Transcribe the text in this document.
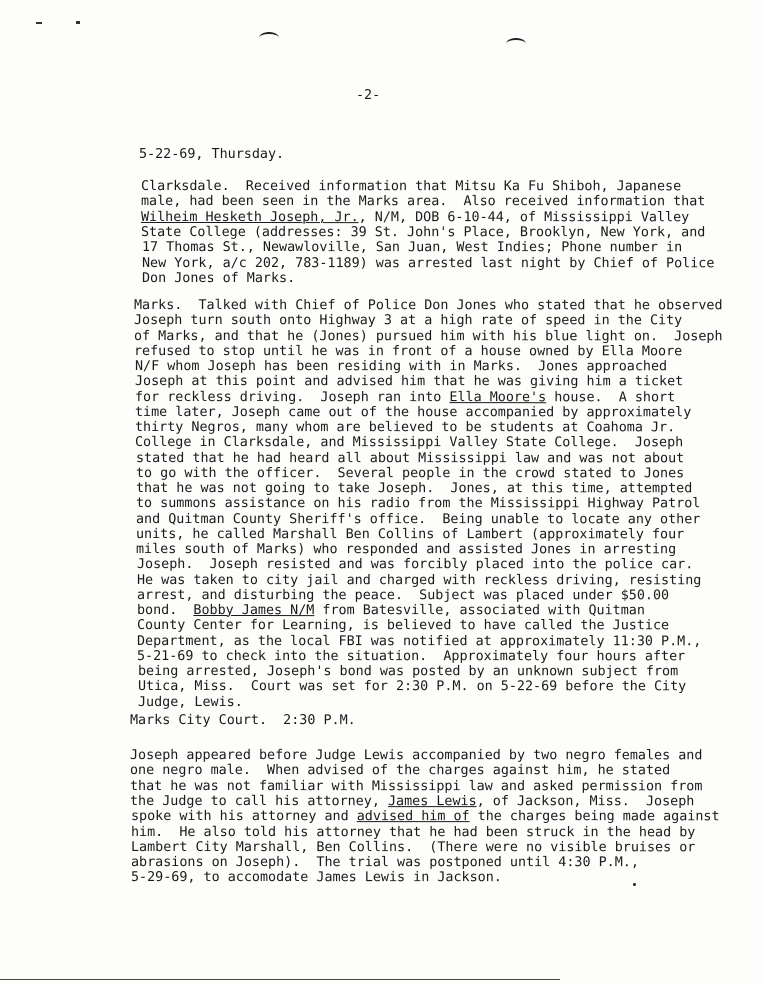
-2-
5-22-69, Thursday.
Clarksdale.  Received information that Mitsu Ka Fu Shiboh, Japanese
male, had been seen in the Marks area.  Also received information that
Wilheim Hesketh Joseph, Jr., N/M, DOB 6-10-44, of Mississippi Valley
State College (addresses: 39 St. John's Place, Brooklyn, New York, and
17 Thomas St., Newawloville, San Juan, West Indies; Phone number in
New York, a/c 202, 783-1189) was arrested last night by Chief of Police
Don Jones of Marks.
Marks.  Talked with Chief of Police Don Jones who stated that he observed
Joseph turn south onto Highway 3 at a high rate of speed in the City
of Marks, and that he (Jones) pursued him with his blue light on.  Joseph
refused to stop until he was in front of a house owned by Ella Moore
N/F whom Joseph has been residing with in Marks.  Jones approached
Joseph at this point and advised him that he was giving him a ticket
for reckless driving.  Joseph ran into Ella Moore's house.  A short
time later, Joseph came out of the house accompanied by approximately
thirty Negros, many whom are believed to be students at Coahoma Jr.
College in Clarksdale, and Mississippi Valley State College.  Joseph
stated that he had heard all about Mississippi law and was not about
to go with the officer.  Several people in the crowd stated to Jones
that he was not going to take Joseph.  Jones, at this time, attempted
to summons assistance on his radio from the Mississippi Highway Patrol
and Quitman County Sheriff's office.  Being unable to locate any other
units, he called Marshall Ben Collins of Lambert (approximately four
miles south of Marks) who responded and assisted Jones in arresting
Joseph.  Joseph resisted and was forcibly placed into the police car.
He was taken to city jail and charged with reckless driving, resisting
arrest, and disturbing the peace.  Subject was placed under $50.00
bond.  Bobby James N/M from Batesville, associated with Quitman
County Center for Learning, is believed to have called the Justice
Department, as the local FBI was notified at approximately 11:30 P.M.,
5-21-69 to check into the situation.  Approximately four hours after
being arrested, Joseph's bond was posted by an unknown subject from
Utica, Miss.  Court was set for 2:30 P.M. on 5-22-69 before the City
Judge, Lewis.
Marks City Court.  2:30 P.M.
Joseph appeared before Judge Lewis accompanied by two negro females and
one negro male.  When advised of the charges against him, he stated
that he was not familiar with Mississippi law and asked permission from
the Judge to call his attorney, James Lewis, of Jackson, Miss.  Joseph
spoke with his attorney and advised him of the charges being made against
him.  He also told his attorney that he had been struck in the head by
Lambert City Marshall, Ben Collins.  (There were no visible bruises or
abrasions on Joseph).  The trial was postponed until 4:30 P.M.,
5-29-69, to accomodate James Lewis in Jackson.
